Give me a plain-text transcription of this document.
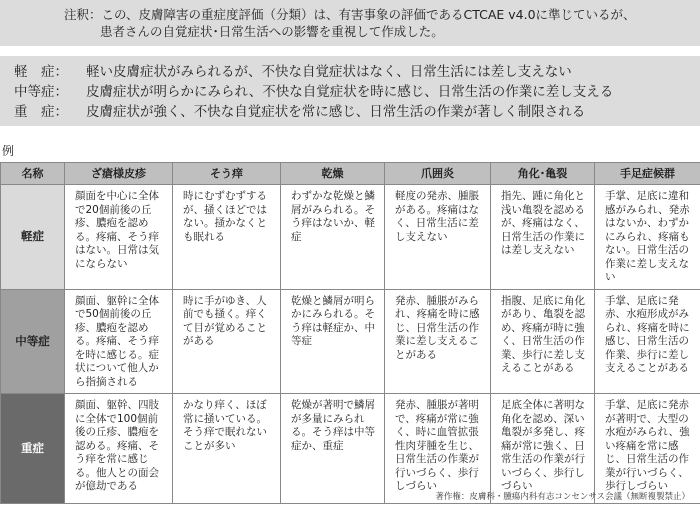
注釈：この、皮膚障害の重症度評価（分類）は、有害事象の評価であるCTCAE v4.0に準じているが、
患者さんの自覚症状･日常生活への影響を重視して作成した。
軽　症：	軽い皮膚症状がみられるが、不快な自覚症状はなく、日常生活には差し支えない
中等症：	皮膚症状が明らかにみられ、不快な自覚症状を時に感じ、日常生活の作業に差し支える
重　症：	皮膚症状が強く、不快な自覚症状を常に感じ、日常生活の作業が著しく制限される
例
名称	ざ瘡様皮疹	そう痒	乾燥	爪囲炎	角化･亀裂	手足症候群
軽症	顔面を中心に全体で20個前後の丘疹、膿疱を認める。疼痛、そう痒はない。日常は気にならない	時にむずむずするが、掻くほどではない。掻かなくとも眠れる	わずかな乾燥と鱗屑がみられる。そう痒はないか、軽症	軽度の発赤、腫脹がある。疼痛はなく、日常生活に差し支えない	指先、踵に角化と浅い亀裂を認めるが、疼痛はなく、日常生活の作業には差し支えない	手掌、足底に違和感がみられ、発赤はないか、わずかにみられ、疼痛もない。日常生活の作業に差し支えない
中等症	顔面、躯幹に全体で50個前後の丘疹、膿疱を認める。疼痛、そう痒を時に感じる。症状について他人から指摘される	時に手がゆき、人前でも掻く。痒くて目が覚めることがある	乾燥と鱗屑が明らかにみられる。そう痒は軽症か、中等症	発赤、腫脹がみられ、疼痛を時に感じ、日常生活の作業に差し支えることがある	指腹、足底に角化があり、亀裂を認め、疼痛が時に強く、日常生活の作業、歩行に差し支えることがある	手掌、足底に発赤、水疱形成がみられ、疼痛を時に感じ、日常生活の作業、歩行に差し支えることがある
重症	顔面、躯幹、四肢に全体で100個前後の丘疹、膿疱を認める。疼痛、そう痒を常に感じる。他人との面会が億劫である	かなり痒く、ほぼ常に掻いている。そう痒で眠れないことが多い	乾燥が著明で鱗屑が多量にみられる。そう痒は中等症か、重症	発赤、腫脹が著明で、疼痛が常に強く、時に血管拡張性肉芽腫を生じ、日常生活の作業が行いづらく、歩行しづらい	足底全体に著明な角化を認め、深い亀裂が多発し、疼痛が常に強く、日常生活の作業が行いづらく、歩行しづらい	手掌、足底に発赤が著明で、大型の水疱がみられ、強い疼痛を常に感じ、日常生活の作業が行いづらく、歩行しづらい
著作権：皮膚科・腫瘍内科有志コンセンサス会議（無断複製禁止）
